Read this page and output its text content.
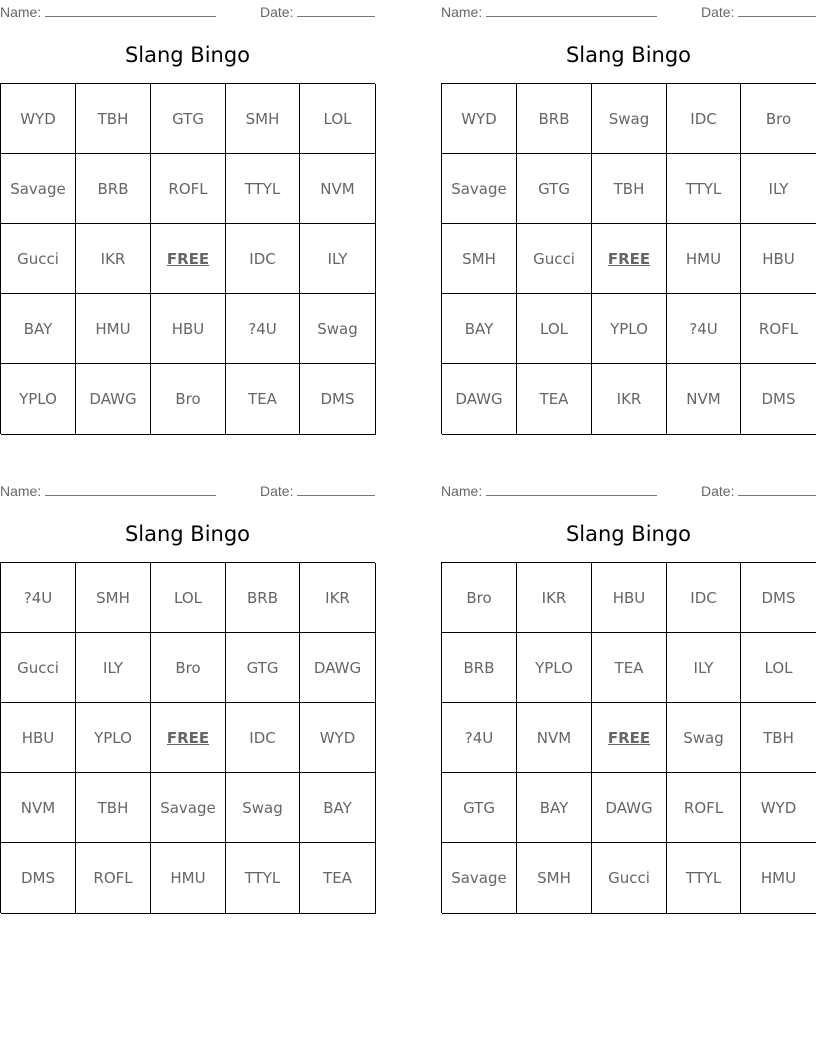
Name:	Date:
Slang Bingo
WYD	TBH	GTG	SMH	LOL
Savage	BRB	ROFL	TTYL	NVM
Gucci	IKR	FREE	IDC	ILY
BAY	HMU	HBU	?4U	Swag
YPLO	DAWG	Bro	TEA	DMS
Name:	Date:
Slang Bingo
WYD	BRB	Swag	IDC	Bro
Savage	GTG	TBH	TTYL	ILY
SMH	Gucci	FREE	HMU	HBU
BAY	LOL	YPLO	?4U	ROFL
DAWG	TEA	IKR	NVM	DMS
Name:	Date:
Slang Bingo
?4U	SMH	LOL	BRB	IKR
Gucci	ILY	Bro	GTG	DAWG
HBU	YPLO	FREE	IDC	WYD
NVM	TBH	Savage	Swag	BAY
DMS	ROFL	HMU	TTYL	TEA
Name:	Date:
Slang Bingo
Bro	IKR	HBU	IDC	DMS
BRB	YPLO	TEA	ILY	LOL
?4U	NVM	FREE	Swag	TBH
GTG	BAY	DAWG	ROFL	WYD
Savage	SMH	Gucci	TTYL	HMU
